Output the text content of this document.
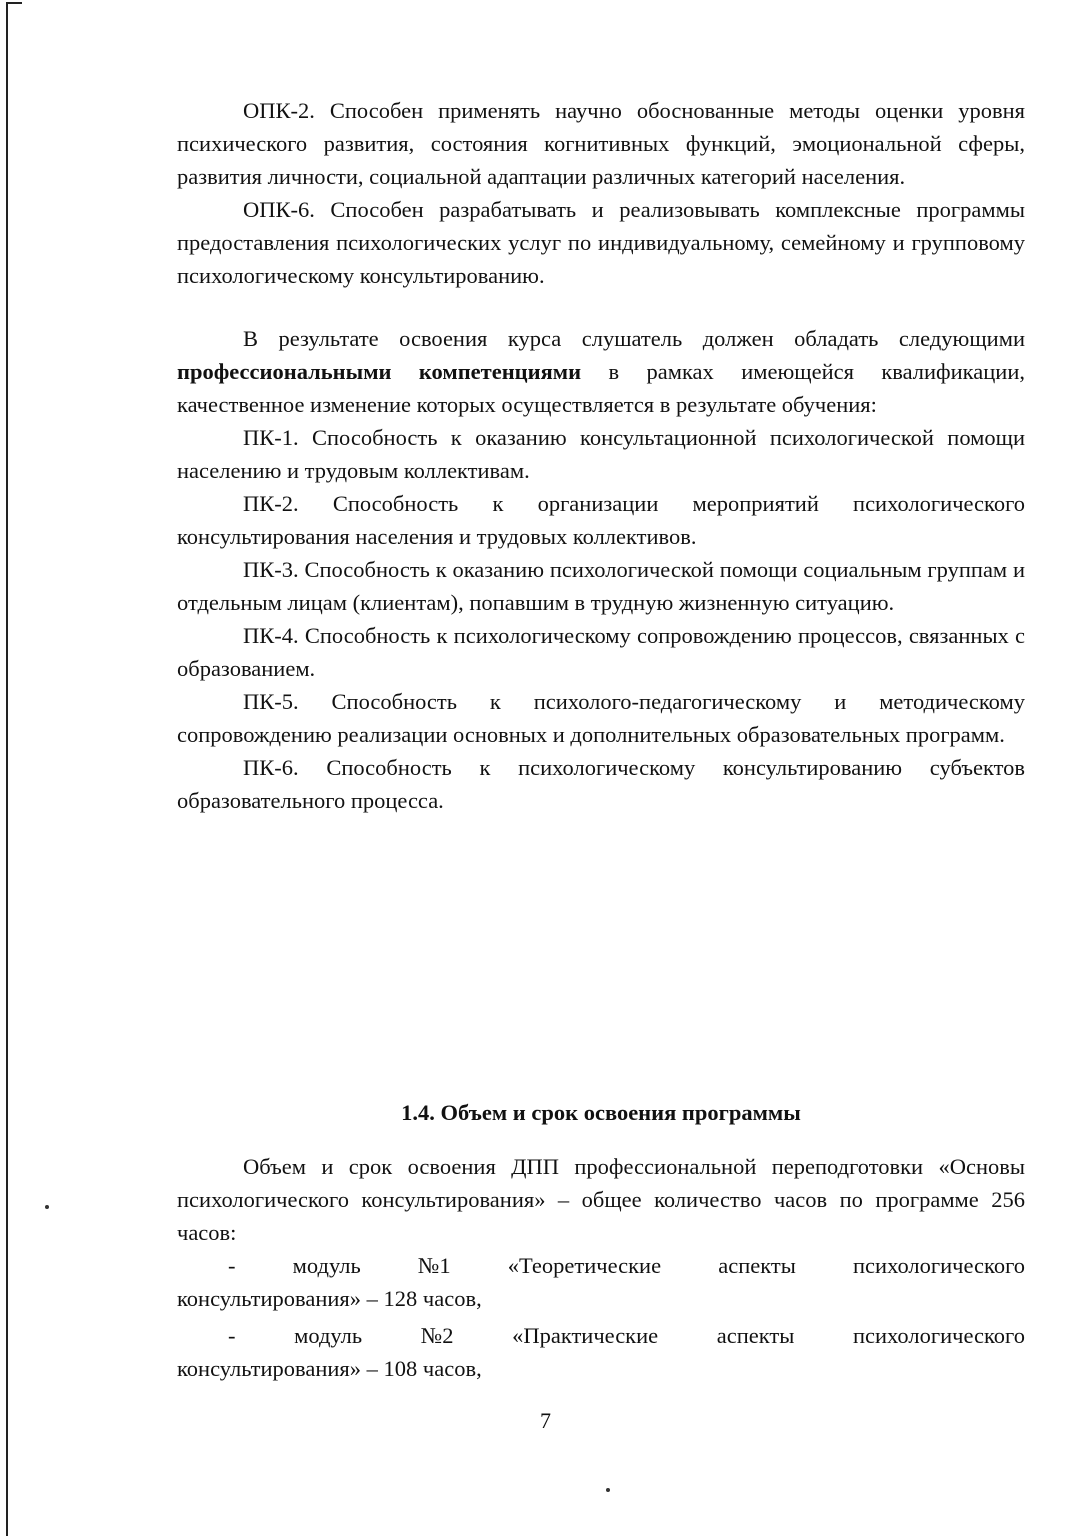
ОПК-2. Способен применять научно обоснованные методы оценки уровня психического развития, состояния когнитивных функций, эмоциональной сферы, развития личности, социальной адаптации различных категорий населения.

ОПК-6. Способен разрабатывать и реализовывать комплексные программы предоставления психологических услуг по индивидуальному, семейному и групповому психологическому консультированию.

В результате освоения курса слушатель должен обладать следующими профессиональными компетенциями в рамках имеющейся квалификации, качественное изменение которых осуществляется в результате обучения:

ПК-1. Способность к оказанию консультационной психологической помощи населению и трудовым коллективам.

ПК-2. Способность к организации мероприятий психологического консультирования населения и трудовых коллективов.

ПК-3. Способность к оказанию психологической помощи социальным группам и отдельным лицам (клиентам), попавшим в трудную жизненную ситуацию.

ПК-4. Способность к психологическому сопровождению процессов, связанных с образованием.

ПК-5. Способность к психолого-педагогическому и методическому сопровождению реализации основных и дополнительных образовательных программ.

ПК-6. Способность к психологическому консультированию субъектов образовательного процесса.

1.4. Объем и срок освоения программы

Объем и срок освоения ДПП профессиональной переподготовки «Основы психологического консультирования» – общее количество часов по программе 256 часов:

-	модуль	№1	«Теоретические	аспекты	психологического

консультирования» – 128 часов,

-	модуль	№2	«Практические	аспекты	психологического

консультирования» – 108 часов,

7
